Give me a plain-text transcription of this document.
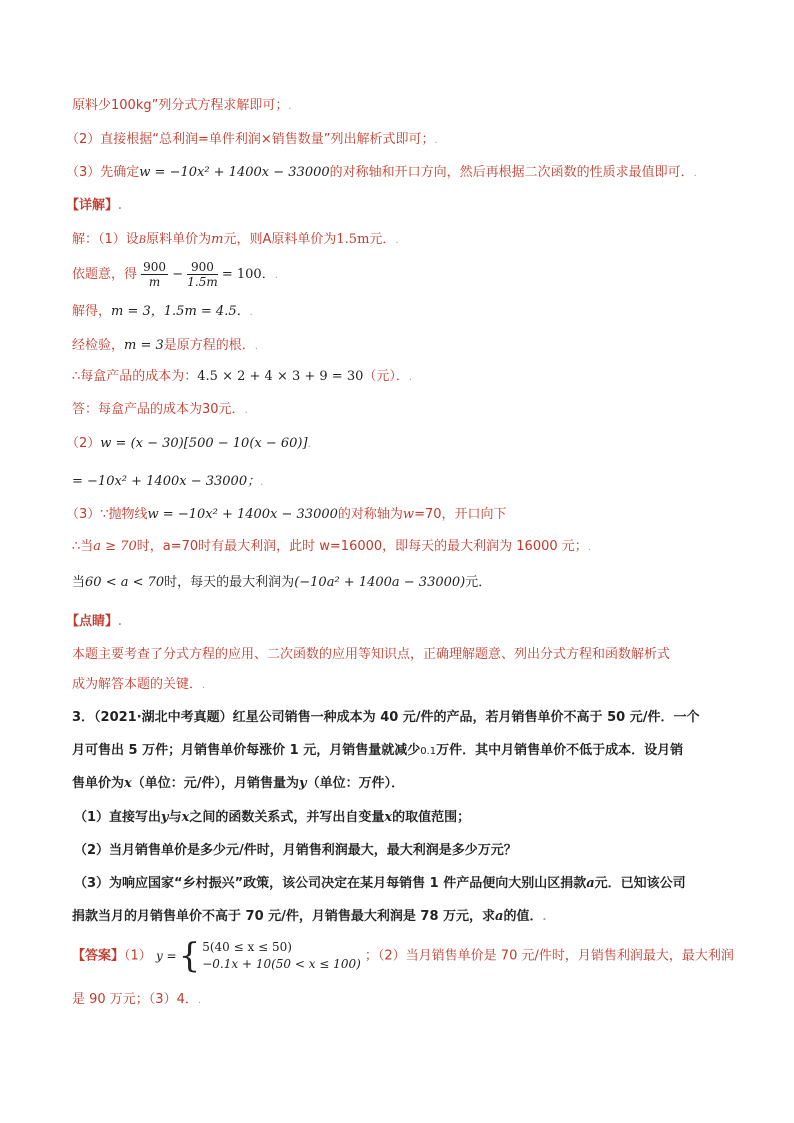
原料少100kg”列分式方程求解即可；.
（2）直接根据“总利润=单件利润×销售数量”列出解析式即可；.
（3）先确定w = −10x² + 1400x − 33000的对称轴和开口方向，然后再根据二次函数的性质求最值即可．.
【详解】.
解：（1）设B原料单价为m元，则A原料单价为1.5m元．.
依题意，得 $\frac{900}{m} - \frac{900}{1.5m} = 100$．.
解得，m = 3，1.5m = 4.5．.
经检验，m = 3是原方程的根．.
∴每盒产品的成本为：4.5 × 2 + 4 × 3 + 9 = 30（元）．.
答：每盒产品的成本为30元．.
（2）w = (x − 30)[500 − 10(x − 60)].
= −10x² + 1400x − 33000；.
（3）∵抛物线w = −10x² + 1400x − 33000的对称轴为w=70，开口向下
∴当a ≥ 70时，a=70时有最大利润，此时 w=16000，即每天的最大利润为 16000 元；.
当60 < a < 70时，每天的最大利润为(−10a² + 1400a − 33000)元．
【点睛】.
本题主要考查了分式方程的应用、二次函数的应用等知识点，正确理解题意、列出分式方程和函数解析式
成为解答本题的关键．.
3．（2021·湖北中考真题）红星公司销售一种成本为 40 元/件的产品，若月销售单价不高于 50 元/件．一个
月可售出 5 万件；月销售单价每涨价 1 元，月销售量就减少0.1万件．其中月销售单价不低于成本．设月销
售单价为x（单位：元/件），月销售量为y（单位：万件）．
（1）直接写出y与x之间的函数关系式，并写出自变量x的取值范围；
（2）当月销售单价是多少元/件时，月销售利润最大，最大利润是多少万元？
（3）为响应国家“乡村振兴”政策，该公司决定在某月每销售 1 件产品便向大别山区捐款a元．已知该公司
捐款当月的月销售单价不高于 70 元/件，月销售最大利润是 78 万元，求a的值．.
【答案】（1） y = { 5(40 ≤ x ≤ 50)
−0.1x + 10(50 < x ≤ 100)
；（2）当月销售单价是 70 元/件时，月销售利润最大，最大利润
是 90 万元；（3）4．.
